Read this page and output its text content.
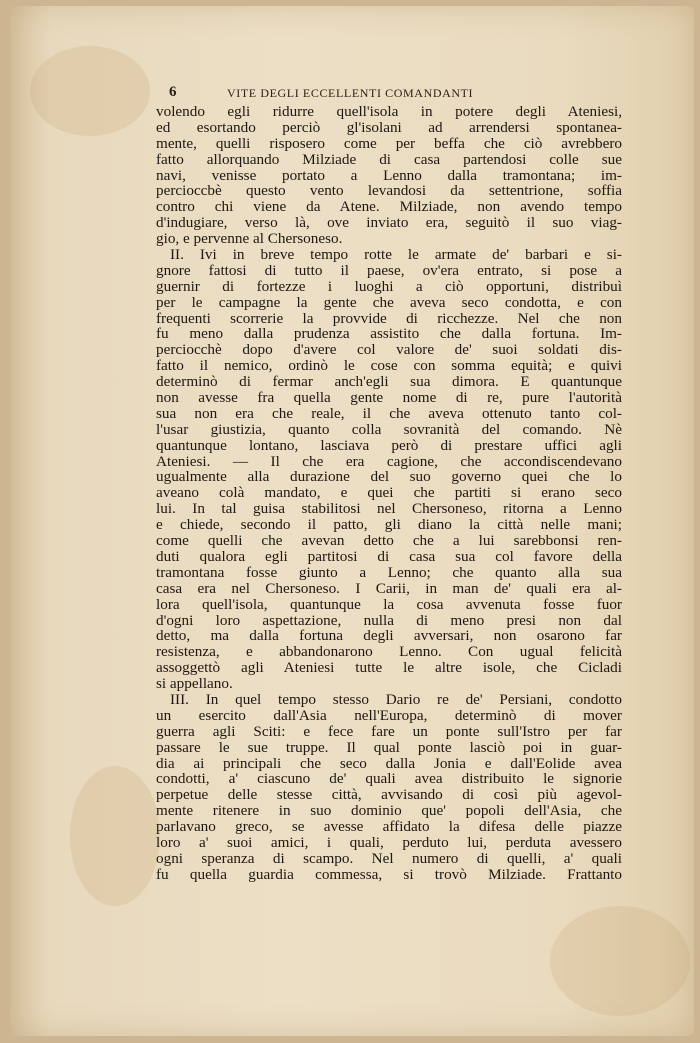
6	VITE DEGLI ECCELLENTI COMANDANTI
volendo egli ridurre quell'isola in potere degli Ateniesi,
ed esortando perciò gl'isolani ad arrendersi spontanea-
mente, quelli risposero come per beffa che ciò avrebbero
fatto allorquando Milziade di casa partendosi colle sue
navi, venisse portato a Lenno dalla tramontana; im-
percioccbè questo vento levandosi da settentrione, soffia
contro chi viene da Atene. Milziade, non avendo tempo
d'indugiare, verso là, ove inviato era, seguitò il suo viag-
gio, e pervenne al Chersoneso.
II. Ivi in breve tempo rotte le armate de' barbari e si-
gnore fattosi di tutto il paese, ov'era entrato, si pose a
guernir di fortezze i luoghi a ciò opportuni, distribuì
per le campagne la gente che aveva seco condotta, e con
frequenti scorrerie la provvide di ricchezze. Nel che non
fu meno dalla prudenza assistito che dalla fortuna. Im-
perciocchè dopo d'avere col valore de' suoi soldati dis-
fatto il nemico, ordinò le cose con somma equità; e quivi
determinò di fermar anch'egli sua dimora. E quantunque
non avesse fra quella gente nome di re, pure l'autorità
sua non era che reale, il che aveva ottenuto tanto col-
l'usar giustizia, quanto colla sovranità del comando. Nè
quantunque lontano, lasciava però di prestare uffici agli
Ateniesi. — Il che era cagione, che accondiscendevano
ugualmente alla durazione del suo governo quei che lo
aveano colà mandato, e quei che partiti si erano seco
lui. In tal guisa stabilitosi nel Chersoneso, ritorna a Lenno
e chiede, secondo il patto, gli diano la città nelle mani;
come quelli che avevan detto che a lui sarebbonsi ren-
duti qualora egli partitosi di casa sua col favore della
tramontana fosse giunto a Lenno; che quanto alla sua
casa era nel Chersoneso. I Carii, in man de' quali era al-
lora quell'isola, quantunque la cosa avvenuta fosse fuor
d'ogni loro aspettazione, nulla di meno presi non dal
detto, ma dalla fortuna degli avversari, non osarono far
resistenza, e abbandonarono Lenno. Con ugual felicità
assoggettò agli Ateniesi tutte le altre isole, che Cicladi
si appellano.
III. In quel tempo stesso Dario re de' Persiani, condotto
un esercito dall'Asia nell'Europa, determinò di mover
guerra agli Sciti: e fece fare un ponte sull'Istro per far
passare le sue truppe. Il qual ponte lasciò poi in guar-
dia ai principali che seco dalla Jonia e dall'Eolide avea
condotti, a' ciascuno de' quali avea distribuito le signorie
perpetue delle stesse città, avvisando di così più agevol-
mente ritenere in suo dominio que' popoli dell'Asia, che
parlavano greco, se avesse affidato la difesa delle piazze
loro a' suoi amici, i quali, perduto lui, perduta avessero
ogni speranza di scampo. Nel numero di quelli, a' quali
fu quella guardia commessa, si trovò Milziade. Frattanto
